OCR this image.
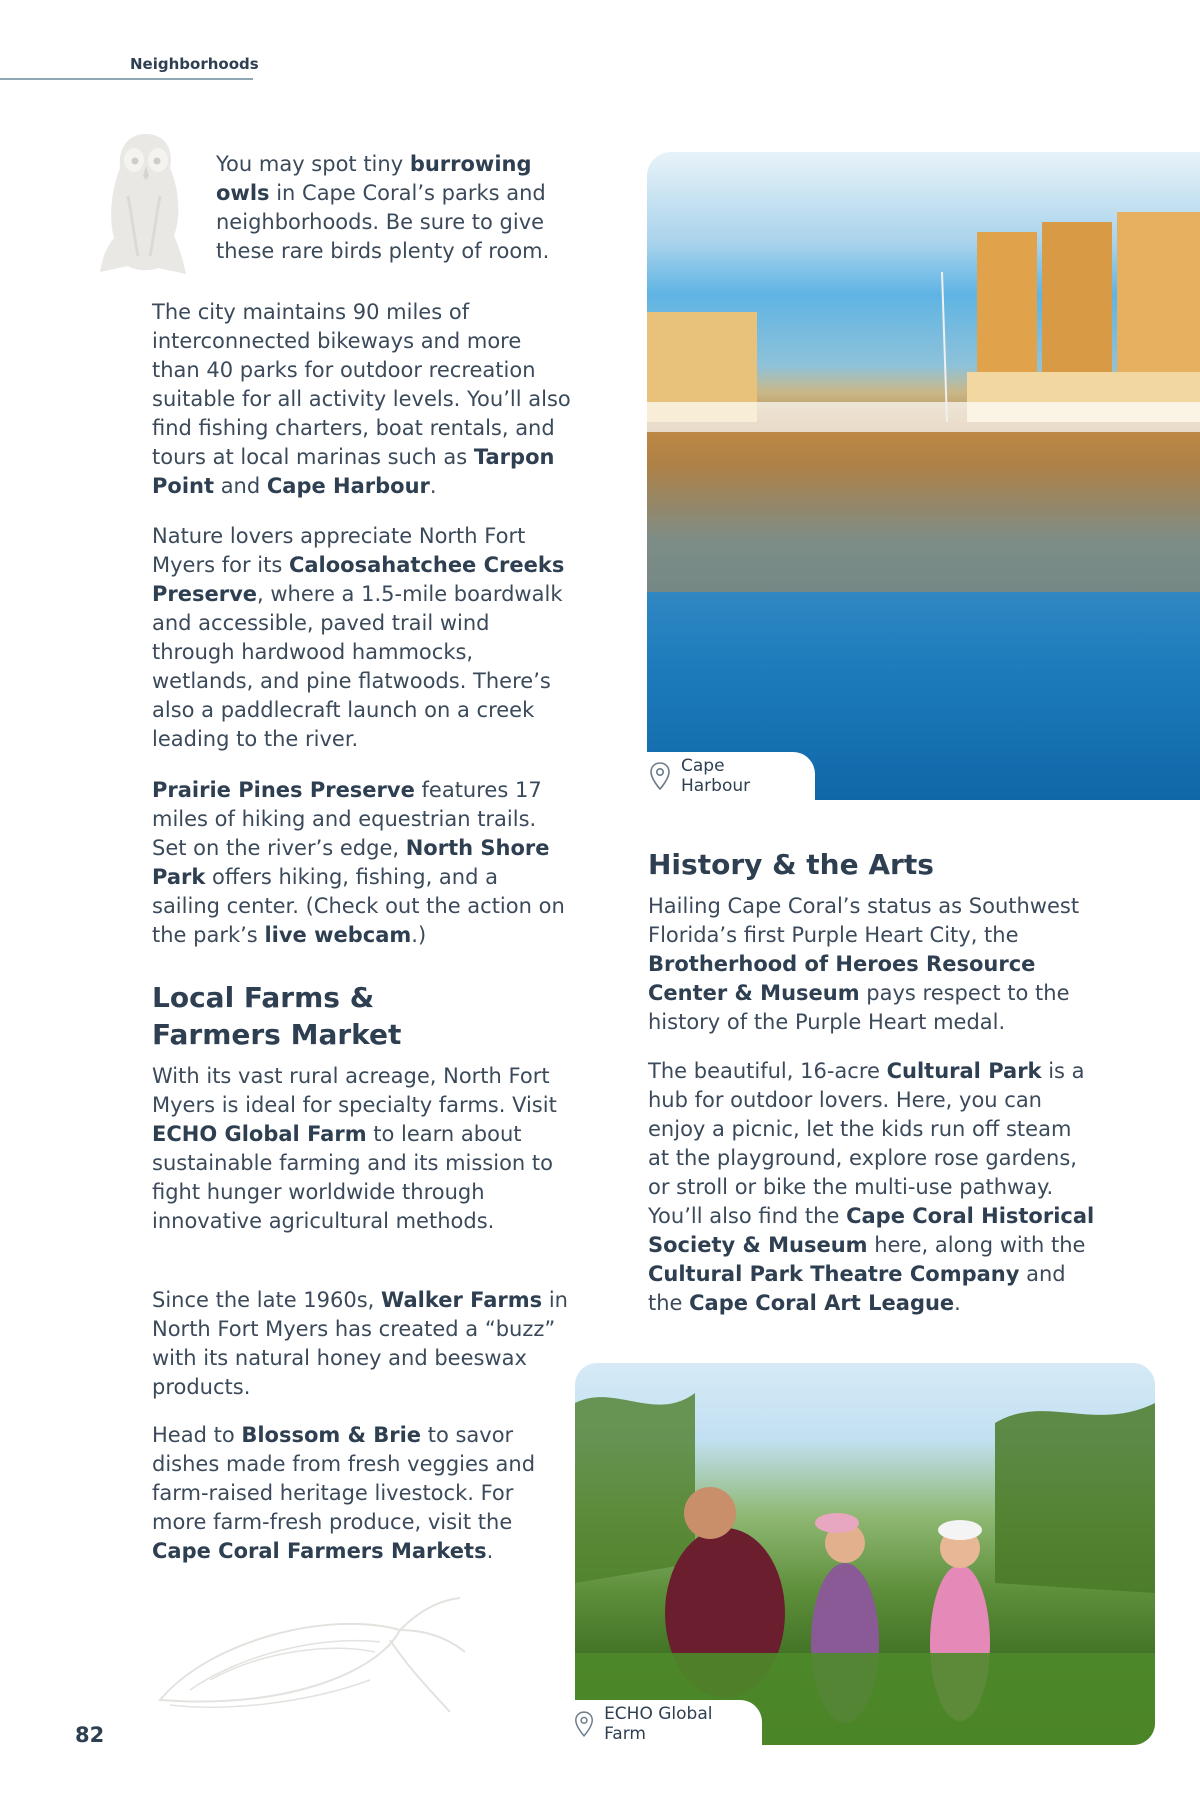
Neighborhoods

You may spot tiny burrowing owls in Cape Coral’s parks and neighborhoods. Be sure to give these rare birds plenty of room.

The city maintains 90 miles of interconnected bikeways and more than 40 parks for outdoor recreation suitable for all activity levels. You’ll also find fishing charters, boat rentals, and tours at local marinas such as Tarpon Point and Cape Harbour.

Nature lovers appreciate North Fort Myers for its Caloosahatchee Creeks Preserve, where a 1.5-mile boardwalk and accessible, paved trail wind through hardwood hammocks, wetlands, and pine flatwoods. There’s also a paddlecraft launch on a creek leading to the river.

Prairie Pines Preserve features 17 miles of hiking and equestrian trails. Set on the river’s edge, North Shore Park offers hiking, fishing, and a sailing center. (Check out the action on the park’s live webcam.)

Local Farms &
Farmers Market

With its vast rural acreage, North Fort Myers is ideal for specialty farms. Visit ECHO Global Farm to learn about sustainable farming and its mission to fight hunger worldwide through innovative agricultural methods.

Since the late 1960s, Walker Farms in North Fort Myers has created a “buzz” with its natural honey and beeswax products.

Head to Blossom & Brie to savor dishes made from fresh veggies and farm-raised heritage livestock. For more farm-fresh produce, visit the Cape Coral Farmers Markets.

Cape Harbour
History & the Arts

Hailing Cape Coral’s status as Southwest Florida’s first Purple Heart City, the Brotherhood of Heroes Resource Center & Museum pays respect to the history of the Purple Heart medal.

The beautiful, 16-acre Cultural Park is a hub for outdoor lovers. Here, you can enjoy a picnic, let the kids run off steam at the playground, explore rose gardens, or stroll or bike the multi-use pathway. You’ll also find the Cape Coral Historical Society & Museum here, along with the Cultural Park Theatre Company and the Cape Coral Art League.

ECHO Global Farm
82
